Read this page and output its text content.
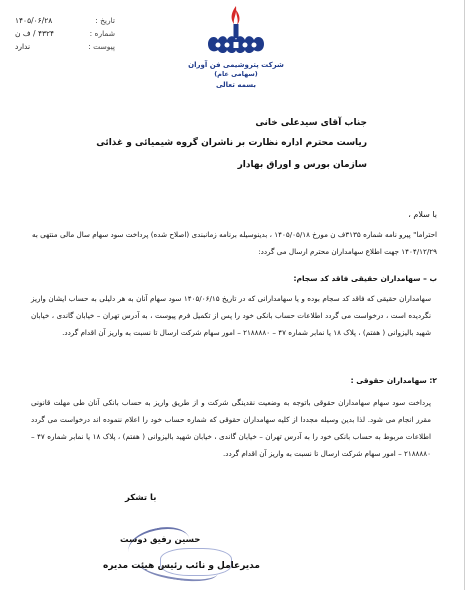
تاریخ :
۱۴۰۵/۰۶/۲۸
شماره :
۴۳۲۴ / ف ن
پیوست :
ندارد
شرکت پتروشیمی فن آوران
(سهامی عام)
بسمه تعالی
جناب آقای سیدعلی خانی
ریاست محترم اداره نظارت بر ناشران گروه شیمیائی و غذائی
سازمان بورس و اوراق بهادار
با سلام ،
احتراما" پیرو نامه شماره ۳۱۳۵ف ن مورخ ۱۴۰۵/۰۵/۱۸ ، بدینوسیله برنامه زمانبندی (اصلاح شده) پرداخت سود سهام سال مالی منتهی به ۱۴۰۴/۱۲/۲۹ جهت اطلاع سهامداران محترم ارسال می گردد:
ب – سهامداران حقیقی فاقد کد سجام:
سهامداران حقیقی که فاقد کد سجام بوده و یا سهامدارانی که در تاریخ ۱۴۰۵/۰۶/۱۵ سود سهام آنان به هر دلیلی به حساب ایشان واریز نگردیده است ، درخواست می گردد اطلاعات حساب بانکی خود را پس از تکمیل فرم پیوست ، به آدرس تهران – خیابان گاندی ، خیابان شهید بالیزوانی ( هفتم) ، پلاک ۱۸ یا نمابر شماره ۴۷ – ۲۱۸۸۸۸۰ – امور سهام شرکت ارسال تا نسبت به واریز آن اقدام گردد.
۲: سهامداران حقوقی :
پرداخت سود سهام سهامداران حقوقی باتوجه به وضعیت نقدینگی شرکت و از طریق واریز به حساب بانکی آنان طی مهلت قانونی مقرر انجام می شود. لذا بدین وسیله مجددا از کلیه سهامداران حقوقی که شماره حساب خود را اعلام ننموده اند درخواست می گردد اطلاعات مربوط به حساب بانکی خود را به آدرس تهران – خیابان گاندی ، خیابان شهید بالیزوانی ( هفتم) ، پلاک ۱۸ یا نمابر شماره ۴۷ – ۲۱۸۸۸۸۰ – امور سهام شرکت ارسال تا نسبت به واریز آن اقدام گردد.
با تشکر
حسین رفیق دوست
مدیرعامل و نائب رئیس هیئت مدیره
